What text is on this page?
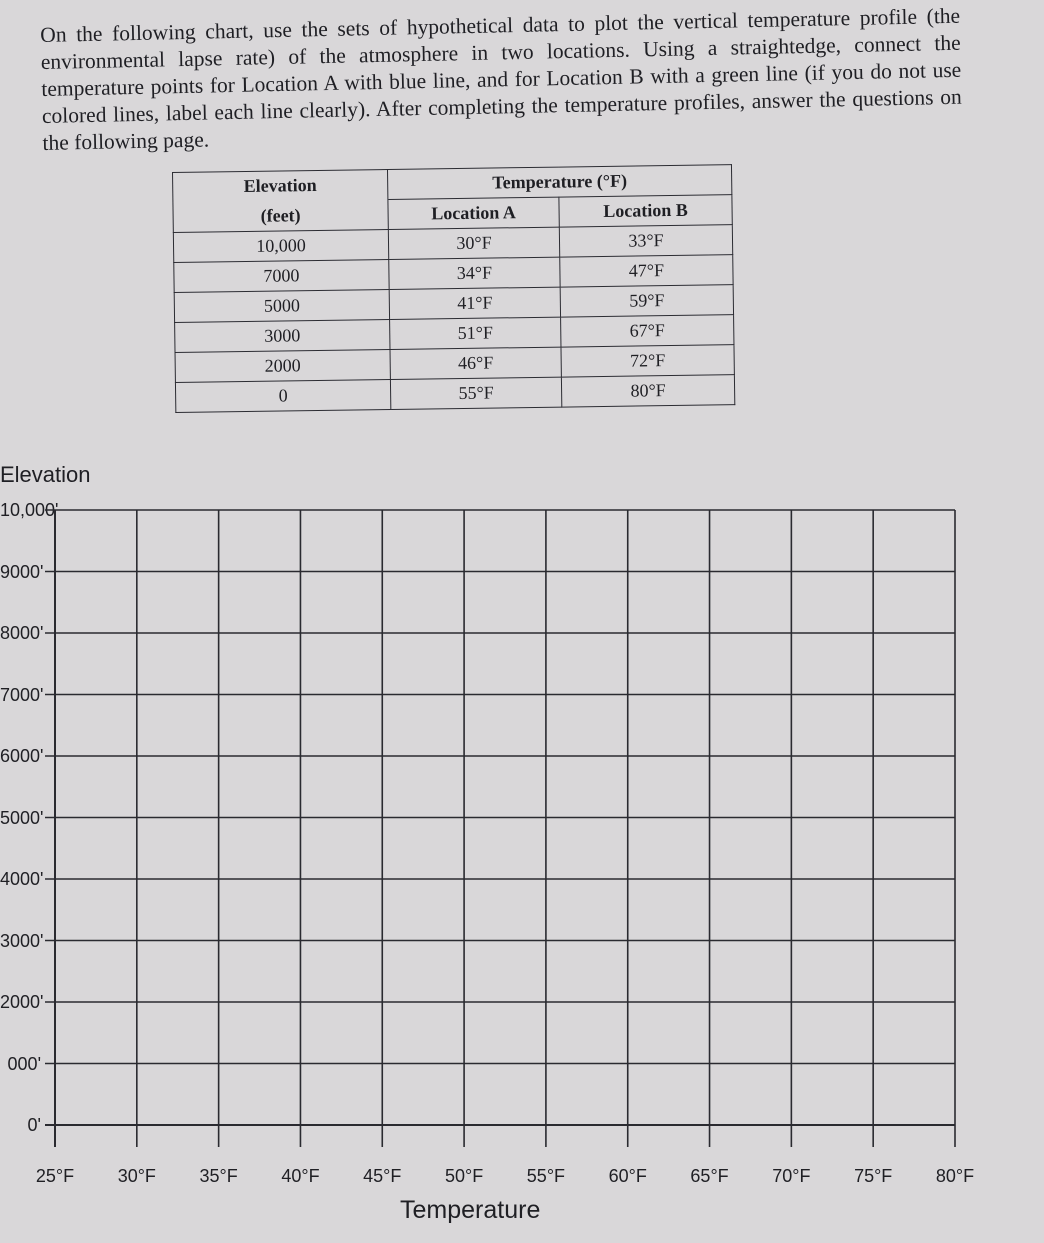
On the following chart, use the sets of hypothetical data to plot the vertical temperature profile (the environmental lapse rate) of the atmosphere in two locations. Using a straightedge, connect the temperature points for Location A with blue line, and for Location B with a green line (if you do not use colored lines, label each line clearly). After completing the temperature profiles, answer the questions on the following page.
Elevation	Temperature (°F)	
(feet)	Location A	Location B
10,000	30°F	33°F
7000	34°F	47°F
5000	41°F	59°F
3000	51°F	67°F
2000	46°F	72°F
0	55°F	80°F
Elevation
10,000'
9000'
8000'
7000'
6000'
5000'
4000'
3000'
2000'
000'
0'
25°F 30°F 35°F 40°F 45°F 50°F 55°F 60°F 65°F 70°F 75°F 80°F
Temperature
